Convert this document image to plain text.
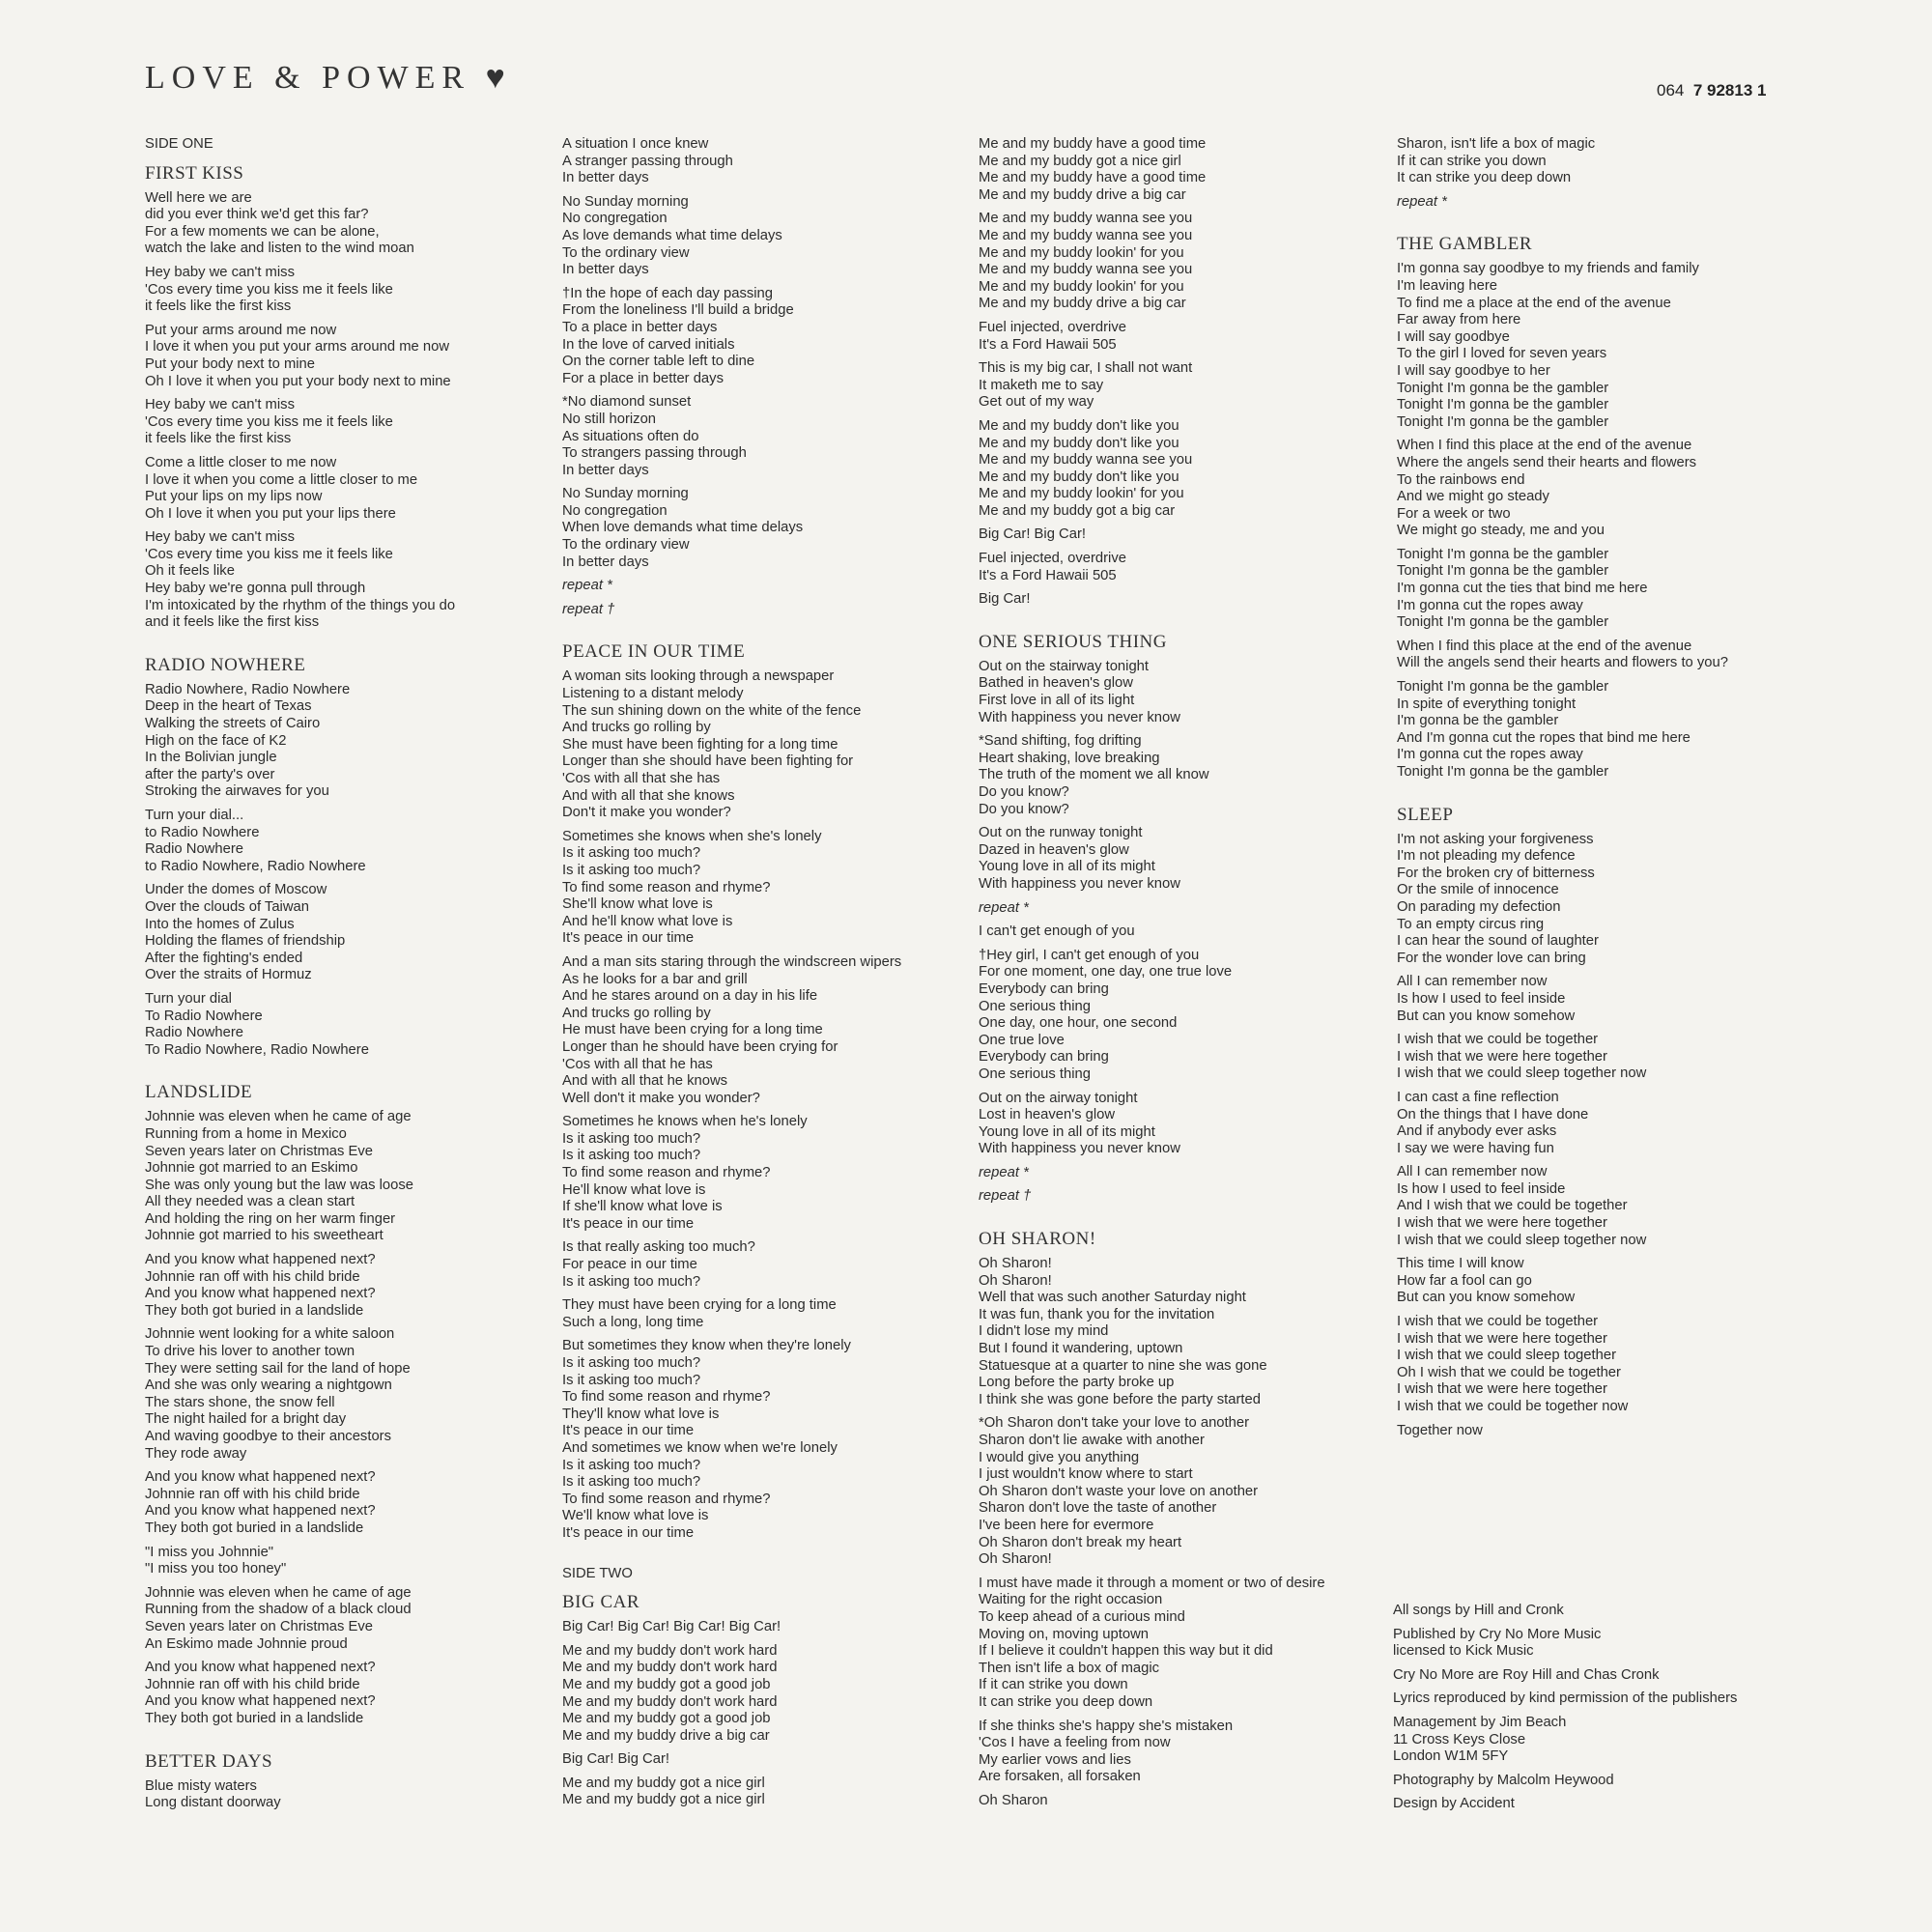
LOVE & POWER ♥	064 7 92813 1
SIDE ONE
FIRST KISS
Well here we are
did you ever think we'd get this far?
For a few moments we can be alone,
watch the lake and listen to the wind moan
Hey baby we can't miss
'Cos every time you kiss me it feels like
it feels like the first kiss
Put your arms around me now
I love it when you put your arms around me now
Put your body next to mine
Oh I love it when you put your body next to mine
Hey baby we can't miss
'Cos every time you kiss me it feels like
it feels like the first kiss
Come a little closer to me now
I love it when you come a little closer to me
Put your lips on my lips now
Oh I love it when you put your lips there
Hey baby we can't miss
'Cos every time you kiss me it feels like
Oh it feels like
Hey baby we're gonna pull through
I'm intoxicated by the rhythm of the things you do
and it feels like the first kiss
RADIO NOWHERE
Radio Nowhere, Radio Nowhere
Deep in the heart of Texas
Walking the streets of Cairo
High on the face of K2
In the Bolivian jungle
after the party's over
Stroking the airwaves for you
Turn your dial...
to Radio Nowhere
Radio Nowhere
to Radio Nowhere, Radio Nowhere
Under the domes of Moscow
Over the clouds of Taiwan
Into the homes of Zulus
Holding the flames of friendship
After the fighting's ended
Over the straits of Hormuz
Turn your dial
To Radio Nowhere
Radio Nowhere
To Radio Nowhere, Radio Nowhere
LANDSLIDE
Johnnie was eleven when he came of age
Running from a home in Mexico
Seven years later on Christmas Eve
Johnnie got married to an Eskimo
She was only young but the law was loose
All they needed was a clean start
And holding the ring on her warm finger
Johnnie got married to his sweetheart
And you know what happened next?
Johnnie ran off with his child bride
And you know what happened next?
They both got buried in a landslide
Johnnie went looking for a white saloon
To drive his lover to another town
They were setting sail for the land of hope
And she was only wearing a nightgown
The stars shone, the snow fell
The night hailed for a bright day
And waving goodbye to their ancestors
They rode away
And you know what happened next?
Johnnie ran off with his child bride
And you know what happened next?
They both got buried in a landslide
"I miss you Johnnie"
"I miss you too honey"
Johnnie was eleven when he came of age
Running from the shadow of a black cloud
Seven years later on Christmas Eve
An Eskimo made Johnnie proud
And you know what happened next?
Johnnie ran off with his child bride
And you know what happened next?
They both got buried in a landslide
BETTER DAYS
Blue misty waters
Long distant doorway
A situation I once knew
A stranger passing through
In better days
No Sunday morning
No congregation
As love demands what time delays
To the ordinary view
In better days
†In the hope of each day passing
From the loneliness I'll build a bridge
To a place in better days
In the love of carved initials
On the corner table left to dine
For a place in better days
*No diamond sunset
No still horizon
As situations often do
To strangers passing through
In better days
No Sunday morning
No congregation
When love demands what time delays
To the ordinary view
In better days
repeat *
repeat †
PEACE IN OUR TIME
A woman sits looking through a newspaper
Listening to a distant melody
The sun shining down on the white of the fence
And trucks go rolling by
She must have been fighting for a long time
Longer than she should have been fighting for
'Cos with all that she has
And with all that she knows
Don't it make you wonder?
Sometimes she knows when she's lonely
Is it asking too much?
Is it asking too much?
To find some reason and rhyme?
She'll know what love is
And he'll know what love is
It's peace in our time
And a man sits staring through the windscreen wipers
As he looks for a bar and grill
And he stares around on a day in his life
And trucks go rolling by
He must have been crying for a long time
Longer than he should have been crying for
'Cos with all that he has
And with all that he knows
Well don't it make you wonder?
Sometimes he knows when he's lonely
Is it asking too much?
Is it asking too much?
To find some reason and rhyme?
He'll know what love is
If she'll know what love is
It's peace in our time
Is that really asking too much?
For peace in our time
Is it asking too much?
They must have been crying for a long time
Such a long, long time
But sometimes they know when they're lonely
Is it asking too much?
Is it asking too much?
To find some reason and rhyme?
They'll know what love is
It's peace in our time
And sometimes we know when we're lonely
Is it asking too much?
Is it asking too much?
To find some reason and rhyme?
We'll know what love is
It's peace in our time
SIDE TWO
BIG CAR
Big Car! Big Car! Big Car! Big Car!
Me and my buddy don't work hard
Me and my buddy don't work hard
Me and my buddy got a good job
Me and my buddy don't work hard
Me and my buddy got a good job
Me and my buddy drive a big car
Big Car! Big Car!
Me and my buddy got a nice girl
Me and my buddy got a nice girl
Me and my buddy have a good time
Me and my buddy got a nice girl
Me and my buddy have a good time
Me and my buddy drive a big car
Me and my buddy wanna see you
Me and my buddy wanna see you
Me and my buddy lookin' for you
Me and my buddy wanna see you
Me and my buddy lookin' for you
Me and my buddy drive a big car
Fuel injected, overdrive
It's a Ford Hawaii 505
This is my big car, I shall not want
It maketh me to say
Get out of my way
Me and my buddy don't like you
Me and my buddy don't like you
Me and my buddy wanna see you
Me and my buddy don't like you
Me and my buddy lookin' for you
Me and my buddy got a big car
Big Car! Big Car!
Fuel injected, overdrive
It's a Ford Hawaii 505
Big Car!
ONE SERIOUS THING
Out on the stairway tonight
Bathed in heaven's glow
First love in all of its light
With happiness you never know
*Sand shifting, fog drifting
Heart shaking, love breaking
The truth of the moment we all know
Do you know?
Do you know?
Out on the runway tonight
Dazed in heaven's glow
Young love in all of its might
With happiness you never know
repeat *
I can't get enough of you
†Hey girl, I can't get enough of you
For one moment, one day, one true love
Everybody can bring
One serious thing
One day, one hour, one second
One true love
Everybody can bring
One serious thing
Out on the airway tonight
Lost in heaven's glow
Young love in all of its might
With happiness you never know
repeat *
repeat †
OH SHARON!
Oh Sharon!
Oh Sharon!
Well that was such another Saturday night
It was fun, thank you for the invitation
I didn't lose my mind
But I found it wandering, uptown
Statuesque at a quarter to nine she was gone
Long before the party broke up
I think she was gone before the party started
*Oh Sharon don't take your love to another
Sharon don't lie awake with another
I would give you anything
I just wouldn't know where to start
Oh Sharon don't waste your love on another
Sharon don't love the taste of another
I've been here for evermore
Oh Sharon don't break my heart
Oh Sharon!
I must have made it through a moment or two of desire
Waiting for the right occasion
To keep ahead of a curious mind
Moving on, moving uptown
If I believe it couldn't happen this way but it did
Then isn't life a box of magic
If it can strike you down
It can strike you deep down
If she thinks she's happy she's mistaken
'Cos I have a feeling from now
My earlier vows and lies
Are forsaken, all forsaken
Oh Sharon
Sharon, isn't life a box of magic
If it can strike you down
It can strike you deep down
repeat *
THE GAMBLER
I'm gonna say goodbye to my friends and family
I'm leaving here
To find me a place at the end of the avenue
Far away from here
I will say goodbye
To the girl I loved for seven years
I will say goodbye to her
Tonight I'm gonna be the gambler
Tonight I'm gonna be the gambler
Tonight I'm gonna be the gambler
When I find this place at the end of the avenue
Where the angels send their hearts and flowers
To the rainbows end
And we might go steady
For a week or two
We might go steady, me and you
Tonight I'm gonna be the gambler
Tonight I'm gonna be the gambler
I'm gonna cut the ties that bind me here
I'm gonna cut the ropes away
Tonight I'm gonna be the gambler
When I find this place at the end of the avenue
Will the angels send their hearts and flowers to you?
Tonight I'm gonna be the gambler
In spite of everything tonight
I'm gonna be the gambler
And I'm gonna cut the ropes that bind me here
I'm gonna cut the ropes away
Tonight I'm gonna be the gambler
SLEEP
I'm not asking your forgiveness
I'm not pleading my defence
For the broken cry of bitterness
Or the smile of innocence
On parading my defection
To an empty circus ring
I can hear the sound of laughter
For the wonder love can bring
All I can remember now
Is how I used to feel inside
But can you know somehow
I wish that we could be together
I wish that we were here together
I wish that we could sleep together now
I can cast a fine reflection
On the things that I have done
And if anybody ever asks
I say we were having fun
All I can remember now
Is how I used to feel inside
And I wish that we could be together
I wish that we were here together
I wish that we could sleep together now
This time I will know
How far a fool can go
But can you know somehow
I wish that we could be together
I wish that we were here together
I wish that we could sleep together
Oh I wish that we could be together
I wish that we were here together
I wish that we could be together now
Together now
All songs by Hill and Cronk
Published by Cry No More Music
licensed to Kick Music
Cry No More are Roy Hill and Chas Cronk
Lyrics reproduced by kind permission of the publishers
Management by Jim Beach
11 Cross Keys Close
London W1M 5FY
Photography by Malcolm Heywood
Design by Accident
